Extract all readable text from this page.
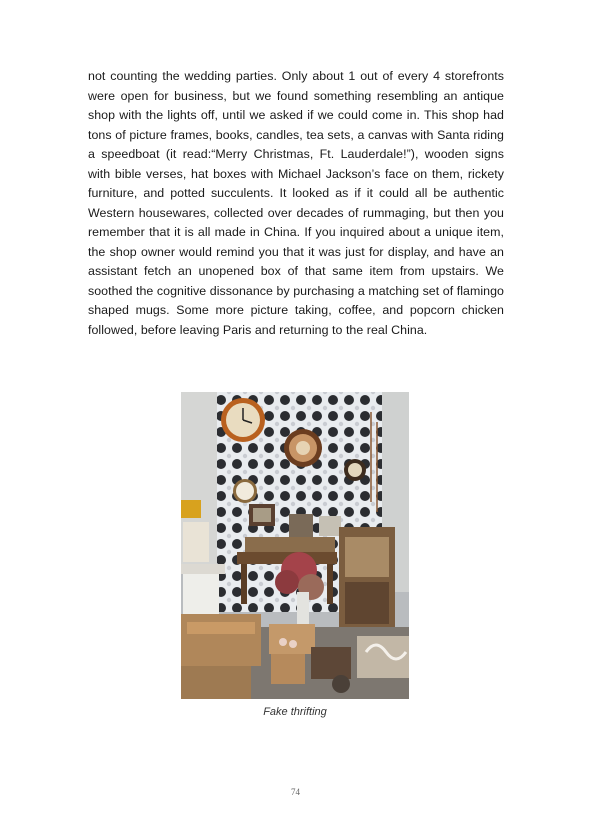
not counting the wedding parties. Only about 1 out of every 4 storefronts were open for business, but we found something resembling an antique shop with the lights off, until we asked if we could come in. This shop had tons of picture frames, books, candles, tea sets, a canvas with Santa riding a speedboat (it read:“Merry Christmas, Ft. Lauderdale!”), wooden signs with bible verses, hat boxes with Michael Jackson’s face on them, rickety furniture, and potted succulents. It looked as if it could all be authentic Western housewares, collected over decades of rummaging, but then you remember that it is all made in China. If you inquired about a unique item, the shop owner would remind you that it was just for display, and have an assistant fetch an unopened box of that same item from upstairs. We soothed the cognitive dissonance by purchasing a matching set of flamingo shaped mugs. Some more picture taking, coffee, and popcorn chicken followed, before leaving Paris and returning to the real China.

Fake thrifting
74
